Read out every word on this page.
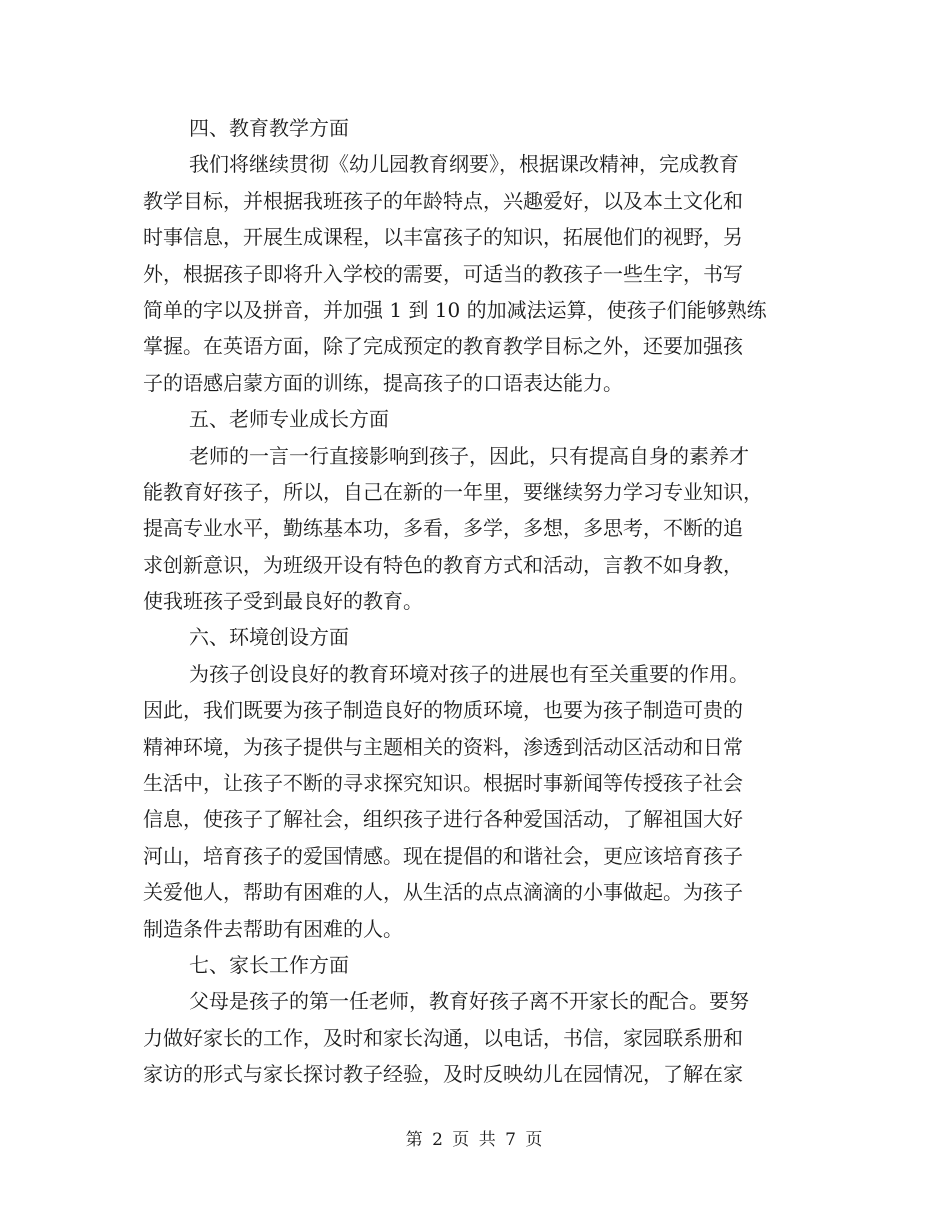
四、教育教学方面
我们将继续贯彻《幼儿园教育纲要》，根据课改精神，完成教育
教学目标，并根据我班孩子的年龄特点，兴趣爱好，以及本土文化和
时事信息，开展生成课程，以丰富孩子的知识，拓展他们的视野，另
外，根据孩子即将升入学校的需要，可适当的教孩子一些生字，书写
简单的字以及拼音，并加强 1 到 10 的加减法运算，使孩子们能够熟练
掌握。在英语方面，除了完成预定的教育教学目标之外，还要加强孩
子的语感启蒙方面的训练，提高孩子的口语表达能力。
五、老师专业成长方面
老师的一言一行直接影响到孩子，因此，只有提高自身的素养才
能教育好孩子，所以，自己在新的一年里，要继续努力学习专业知识，
提高专业水平，勤练基本功，多看，多学，多想，多思考，不断的追
求创新意识，为班级开设有特色的教育方式和活动，言教不如身教，
使我班孩子受到最良好的教育。
六、环境创设方面
为孩子创设良好的教育环境对孩子的进展也有至关重要的作用。
因此，我们既要为孩子制造良好的物质环境，也要为孩子制造可贵的
精神环境，为孩子提供与主题相关的资料，渗透到活动区活动和日常
生活中，让孩子不断的寻求探究知识。根据时事新闻等传授孩子社会
信息，使孩子了解社会，组织孩子进行各种爱国活动，了解祖国大好
河山，培育孩子的爱国情感。现在提倡的和谐社会，更应该培育孩子
关爱他人，帮助有困难的人，从生活的点点滴滴的小事做起。为孩子
制造条件去帮助有困难的人。
七、家长工作方面
父母是孩子的第一任老师，教育好孩子离不开家长的配合。要努
力做好家长的工作，及时和家长沟通，以电话，书信，家园联系册和
家访的形式与家长探讨教子经验，及时反映幼儿在园情况，了解在家
第 2 页 共 7 页
